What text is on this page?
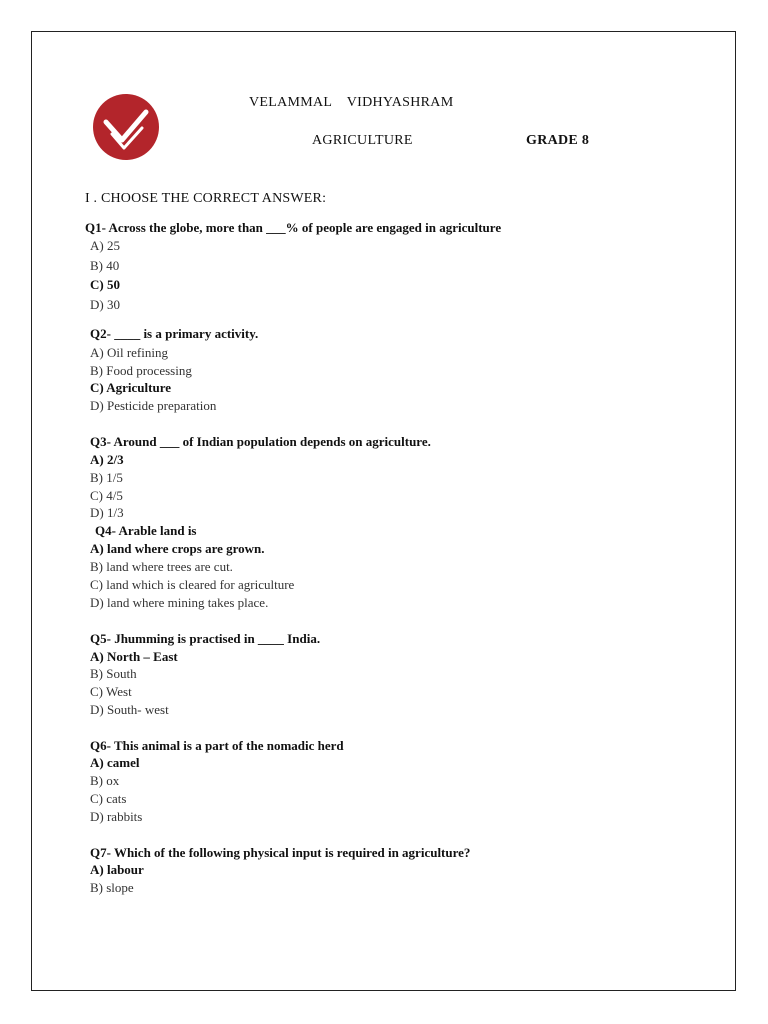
VELAMMAL    VIDHYASHRAM
AGRICULTURE	GRADE 8
I . CHOOSE THE CORRECT ANSWER:
Q1- Across the globe, more than ___% of people are engaged in agriculture
A) 25
B) 40
C) 50
D) 30
Q2- ____ is a primary activity.
A) Oil refining
B) Food processing
C) Agriculture
D) Pesticide preparation
Q3- Around ___ of Indian population depends on agriculture.
A) 2/3
B) 1/5
C) 4/5
D) 1/3
Q4- Arable land is
A) land where crops are grown.
B) land where trees are cut.
C) land which is cleared for agriculture
D) land where mining takes place.
Q5- Jhumming is practised in ____ India.
A) North – East
B) South
C) West
D) South- west
Q6- This animal is a part of the nomadic herd
A) camel
B) ox
C) cats
D) rabbits
Q7- Which of the following physical input is required in agriculture?
A) labour
B) slope
